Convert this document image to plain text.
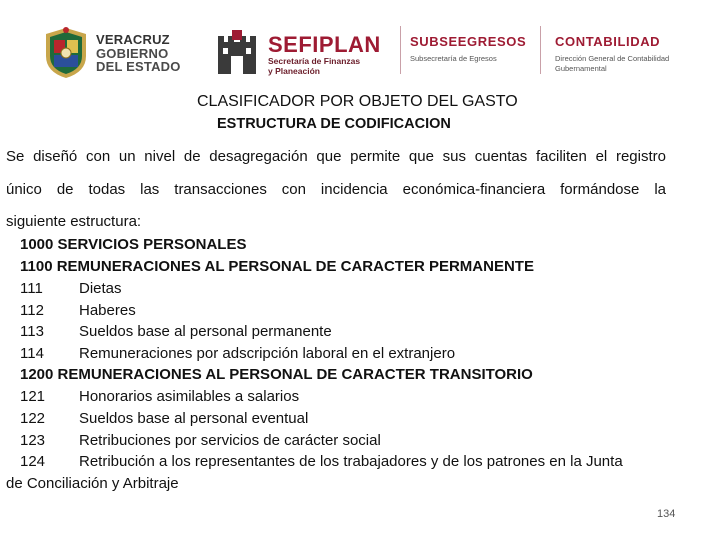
VERACRUZ
GOBIERNO
DEL ESTADO
SEFIPLAN
Secretaría de Finanzas
y Planeación
SUBSEEGRESOS
Subsecretaría de Egresos
CONTABILIDAD
Dirección General de Contabilidad
Gubernamental
CLASIFICADOR POR OBJETO DEL GASTO
ESTRUCTURA DE CODIFICACION
Se diseñó con un nivel de desagregación que permite que sus cuentas faciliten el registro
único de todas las transacciones con incidencia económica-financiera formándose la
siguiente estructura:
1000 SERVICIOS PERSONALES
1100 REMUNERACIONES AL PERSONAL DE CARACTER PERMANENTE
111 Dietas
112 Haberes
113 Sueldos base al personal permanente
114 Remuneraciones por adscripción laboral en el extranjero
1200 REMUNERACIONES AL PERSONAL DE CARACTER TRANSITORIO
121 Honorarios asimilables a salarios
122 Sueldos base al personal eventual
123 Retribuciones por servicios de carácter social
124 Retribución a los representantes de los trabajadores y de los patrones en la Junta
de Conciliación y Arbitraje
134
